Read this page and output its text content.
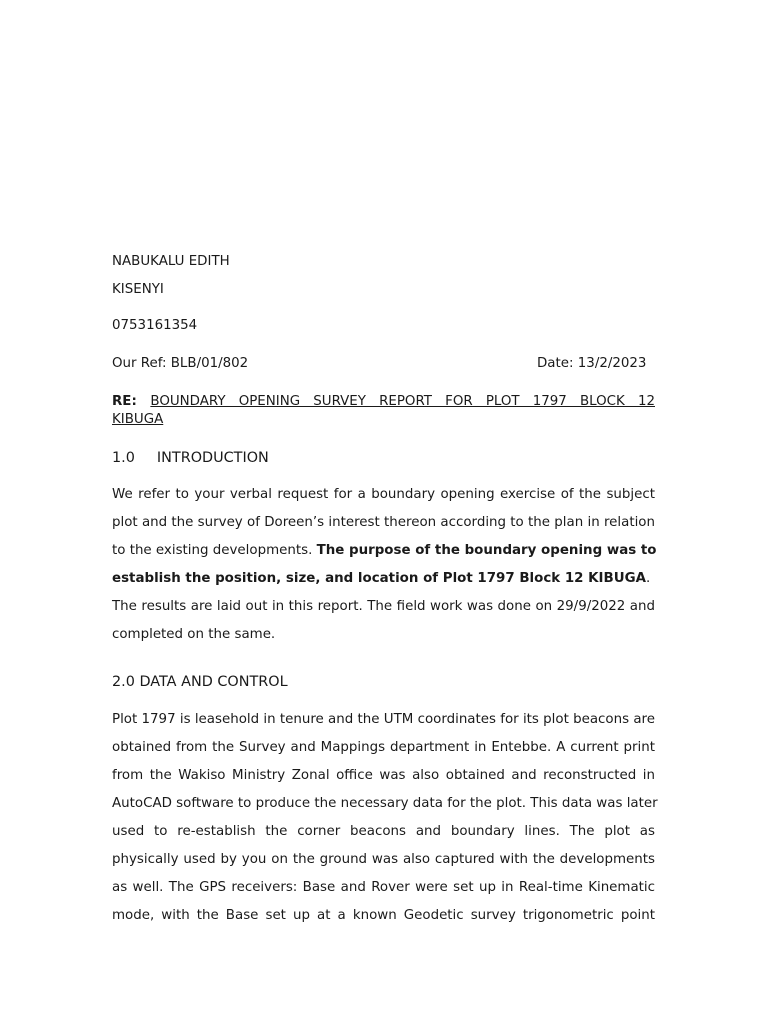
NABUKALU EDITH
KISENYI
0753161354
Our Ref: BLB/01/802	Date: 13/2/2023
RE: BOUNDARY OPENING SURVEY REPORT FOR PLOT 1797 BLOCK 12
KIBUGA
1.0 INTRODUCTION
We refer to your verbal request for a boundary opening exercise of the subject
plot and the survey of Doreen’s interest thereon according to the plan in relation
to the existing developments. The purpose of the boundary opening was to
establish the position, size, and location of Plot 1797 Block 12 KIBUGA.
The results are laid out in this report. The field work was done on 29/9/2022 and
completed on the same.
2.0 DATA AND CONTROL
Plot 1797 is leasehold in tenure and the UTM coordinates for its plot beacons are
obtained from the Survey and Mappings department in Entebbe. A current print
from the Wakiso Ministry Zonal office was also obtained and reconstructed in
AutoCAD software to produce the necessary data for the plot. This data was later
used to re-establish the corner beacons and boundary lines. The plot as
physically used by you on the ground was also captured with the developments
as well. The GPS receivers: Base and Rover were set up in Real-time Kinematic
mode, with the Base set up at a known Geodetic survey trigonometric point
